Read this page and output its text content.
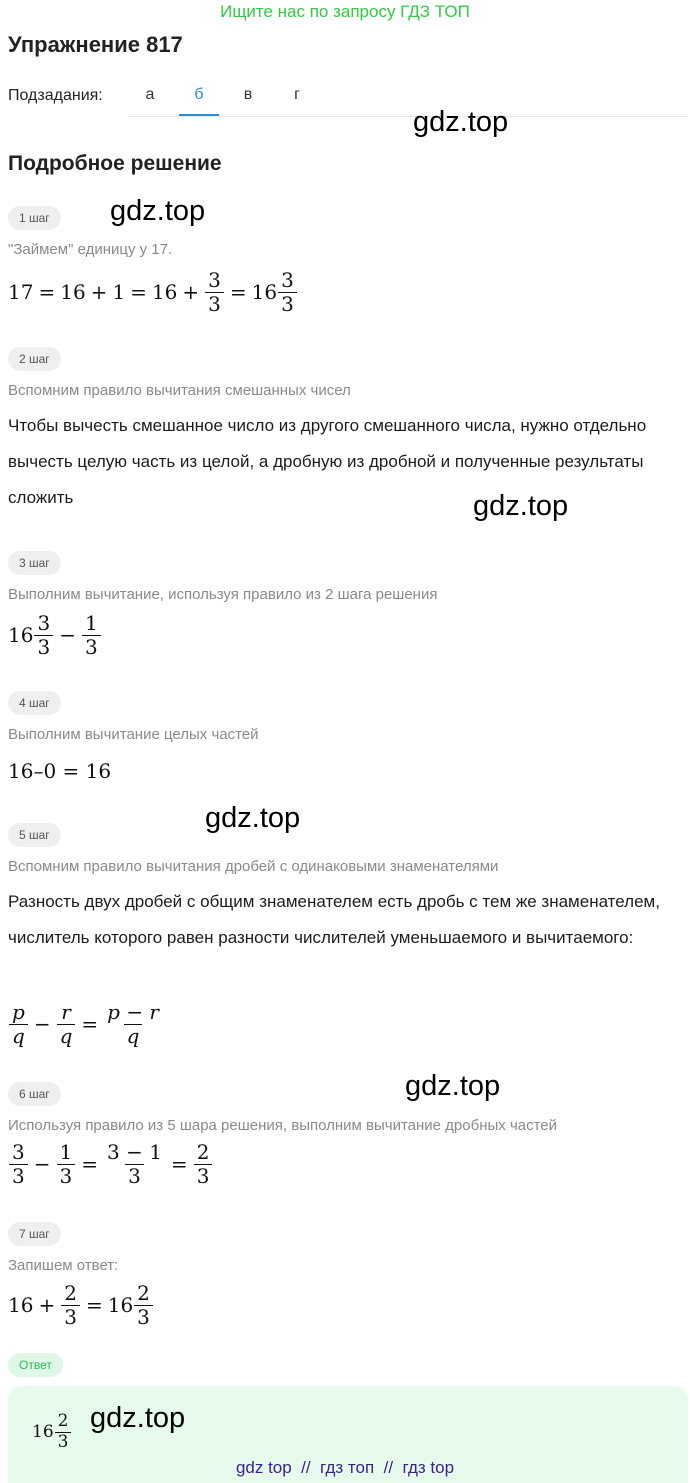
Ищите нас по запросу ГДЗ ТОП
Упражнение 817
Подзадания:	а	б	в	г
gdz.top
Подробное решение
1 шаг	gdz.top
"Займем" единицу у 17.
$17 = 16 + 1 = 16 + \frac{3}{3} = 16 \frac{3}{3}$
2 шаг
Вспомним правило вычитания смешанных чисел
Чтобы вычесть смешанное число из другого смешанного числа, нужно отдельно вычесть целую часть из целой, а дробную из дробной и полученные результаты сложить	gdz.top
3 шаг
Выполним вычитание, используя правило из 2 шага решения
$16 \frac{3}{3} - \frac{1}{3}$
4 шаг
Выполним вычитание целых частей
16–0 = 16
gdz.top
5 шаг
Вспомним правило вычитания дробей с одинаковыми знаменателями
Разность двух дробей с общим знаменателем есть дробь с тем же знаменателем, числитель которого равен разности числителей уменьшаемого и вычитаемого:
$\frac{p}{q} - \frac{r}{q} = \frac{p - r}{q}$
gdz.top
6 шаг
Используя правило из 5 шара решения, выполним вычитание дробных частей
$\frac{3}{3} - \frac{1}{3} = \frac{3 - 1}{3} = \frac{2}{3}$
7 шаг
Запишем ответ:
$16 + \frac{2}{3} = 16 \frac{2}{3}$
Ответ
$16 \frac{2}{3} gdz.top$
gdz top  //  гдз топ  //  гдз top
